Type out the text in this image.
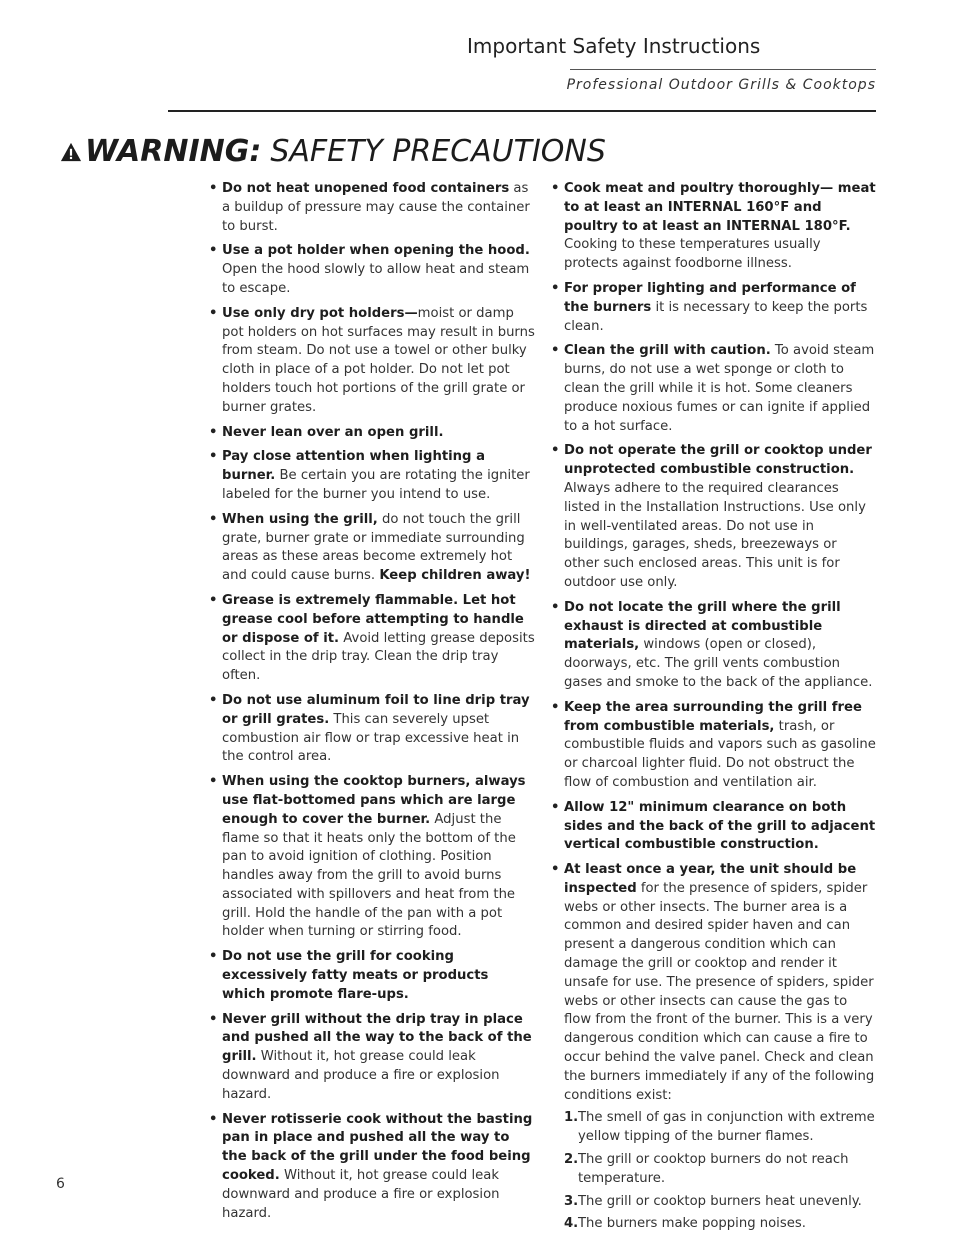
Important Safety Instructions
Professional Outdoor Grills & Cooktops
WARNING: SAFETY PRECAUTIONS
• Do not heat unopened food containers as a buildup of pressure may cause the container to burst.
• Use a pot holder when opening the hood. Open the hood slowly to allow heat and steam to escape.
• Use only dry pot holders—moist or damp pot holders on hot surfaces may result in burns from steam. Do not use a towel or other bulky cloth in place of a pot holder. Do not let pot holders touch hot portions of the grill grate or burner grates.
• Never lean over an open grill.
• Pay close attention when lighting a burner. Be certain you are rotating the igniter labeled for the burner you intend to use.
• When using the grill, do not touch the grill grate, burner grate or immediate surrounding areas as these areas become extremely hot and could cause burns. Keep children away!
• Grease is extremely flammable. Let hot grease cool before attempting to handle or dispose of it. Avoid letting grease deposits collect in the drip tray. Clean the drip tray often.
• Do not use aluminum foil to line drip tray or grill grates. This can severely upset combustion air flow or trap excessive heat in the control area.
• When using the cooktop burners, always use flat-bottomed pans which are large enough to cover the burner. Adjust the flame so that it heats only the bottom of the pan to avoid ignition of clothing. Position handles away from the grill to avoid burns associated with spillovers and heat from the grill. Hold the handle of the pan with a pot holder when turning or stirring food.
• Do not use the grill for cooking excessively fatty meats or products which promote flare-ups.
• Never grill without the drip tray in place and pushed all the way to the back of the grill. Without it, hot grease could leak downward and produce a fire or explosion hazard.
• Never rotisserie cook without the basting pan in place and pushed all the way to the back of the grill under the food being cooked. Without it, hot grease could leak downward and produce a fire or explosion hazard.
• Cook meat and poultry thoroughly— meat to at least an INTERNAL 160°F and poultry to at least an INTERNAL 180°F. Cooking to these temperatures usually protects against foodborne illness.
• For proper lighting and performance of the burners it is necessary to keep the ports clean.
• Clean the grill with caution. To avoid steam burns, do not use a wet sponge or cloth to clean the grill while it is hot. Some cleaners produce noxious fumes or can ignite if applied to a hot surface.
• Do not operate the grill or cooktop under unprotected combustible construction. Always adhere to the required clearances listed in the Installation Instructions. Use only in well-ventilated areas. Do not use in buildings, garages, sheds, breezeways or other such enclosed areas. This unit is for outdoor use only.
• Do not locate the grill where the grill exhaust is directed at combustible materials, windows (open or closed), doorways, etc. The grill vents combustion gases and smoke to the back of the appliance.
• Keep the area surrounding the grill free from combustible materials, trash, or combustible fluids and vapors such as gasoline or charcoal lighter fluid. Do not obstruct the flow of combustion and ventilation air.
• Allow 12" minimum clearance on both sides and the back of the grill to adjacent vertical combustible construction.
• At least once a year, the unit should be inspected for the presence of spiders, spider webs or other insects. The burner area is a common and desired spider haven and can present a dangerous condition which can damage the grill or cooktop and render it unsafe for use. The presence of spiders, spider webs or other insects can cause the gas to flow from the front of the burner. This is a very dangerous condition which can cause a fire to occur behind the valve panel. Check and clean the burners immediately if any of the following conditions exist:
1. The smell of gas in conjunction with extreme yellow tipping of the burner flames.
2. The grill or cooktop burners do not reach temperature.
3. The grill or cooktop burners heat unevenly.
4. The burners make popping noises.
6
